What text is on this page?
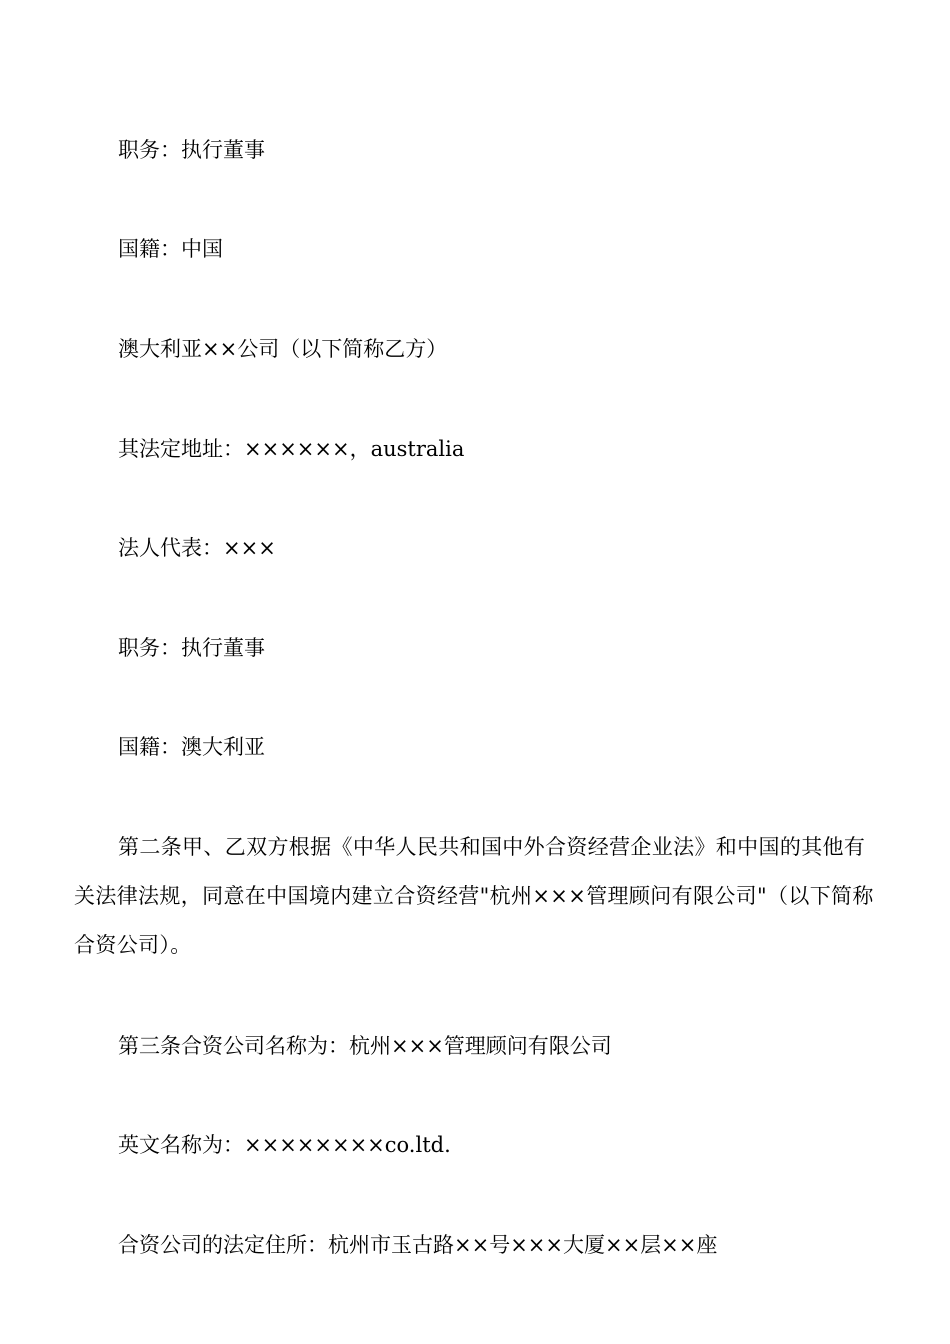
职务：执行董事

国籍：中国

澳大利亚××公司（以下简称乙方）

其法定地址：××××××，australia

法人代表：×××

职务：执行董事

国籍：澳大利亚

第二条甲、乙双方根据《中华人民共和国中外合资经营企业法》和中国的其他有关法律法规，同意在中国境内建立合资经营"杭州×××管理顾问有限公司"（以下简称合资公司）。

第三条合资公司名称为：杭州×××管理顾问有限公司

英文名称为：××××××××co.ltd.

合资公司的法定住所：杭州市玉古路××号×××大厦××层××座
